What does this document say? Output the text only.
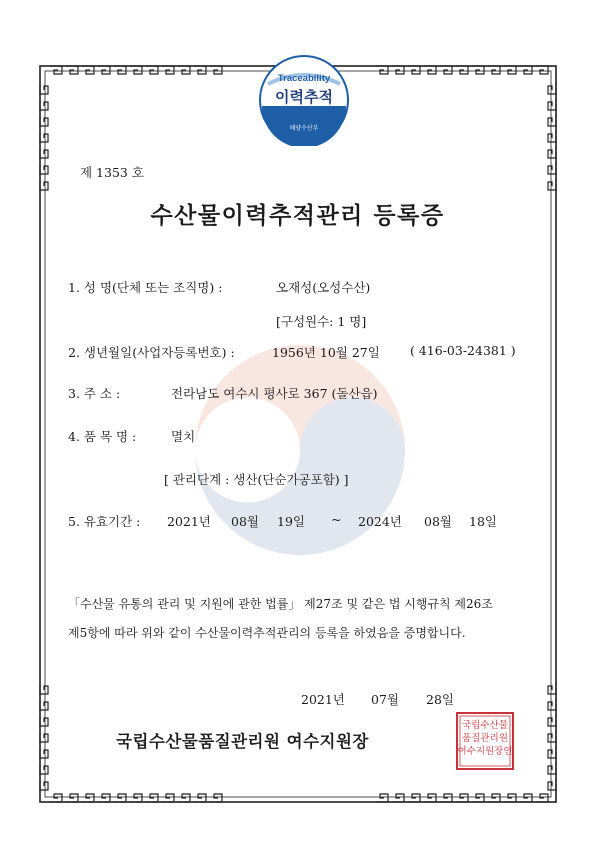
Traceability
이력추적
해양수산부
제 1353 호
수산물이력추적관리 등록증
1. 성 명(단체 또는 조직명) :	오재성(오성수산)
[구성원수: 1 명]
2. 생년월일(사업자등록번호) :	1956년 10월 27일 ( 416-03-24381 )
3. 주 소 :	전라남도 여수시 평사로 367 (돌산읍)
4. 품 목 명 :	멸치
[ 관리단계 : 생산(단순가공포함) ]
5. 유효기간 : 2021년 08월 19일 ~ 2024년 08월 18일
「수산물 유통의 관리 및 지원에 관한 법률」 제27조 및 같은 법 시행규칙 제26조
제5항에 따라 위와 같이 수산물이력추적관리의 등록을 하였음을 증명합니다.
2021년 07월 28일
국립수산물품질관리원 여수지원장
국립수산물
품질관리원
여수지원장인
